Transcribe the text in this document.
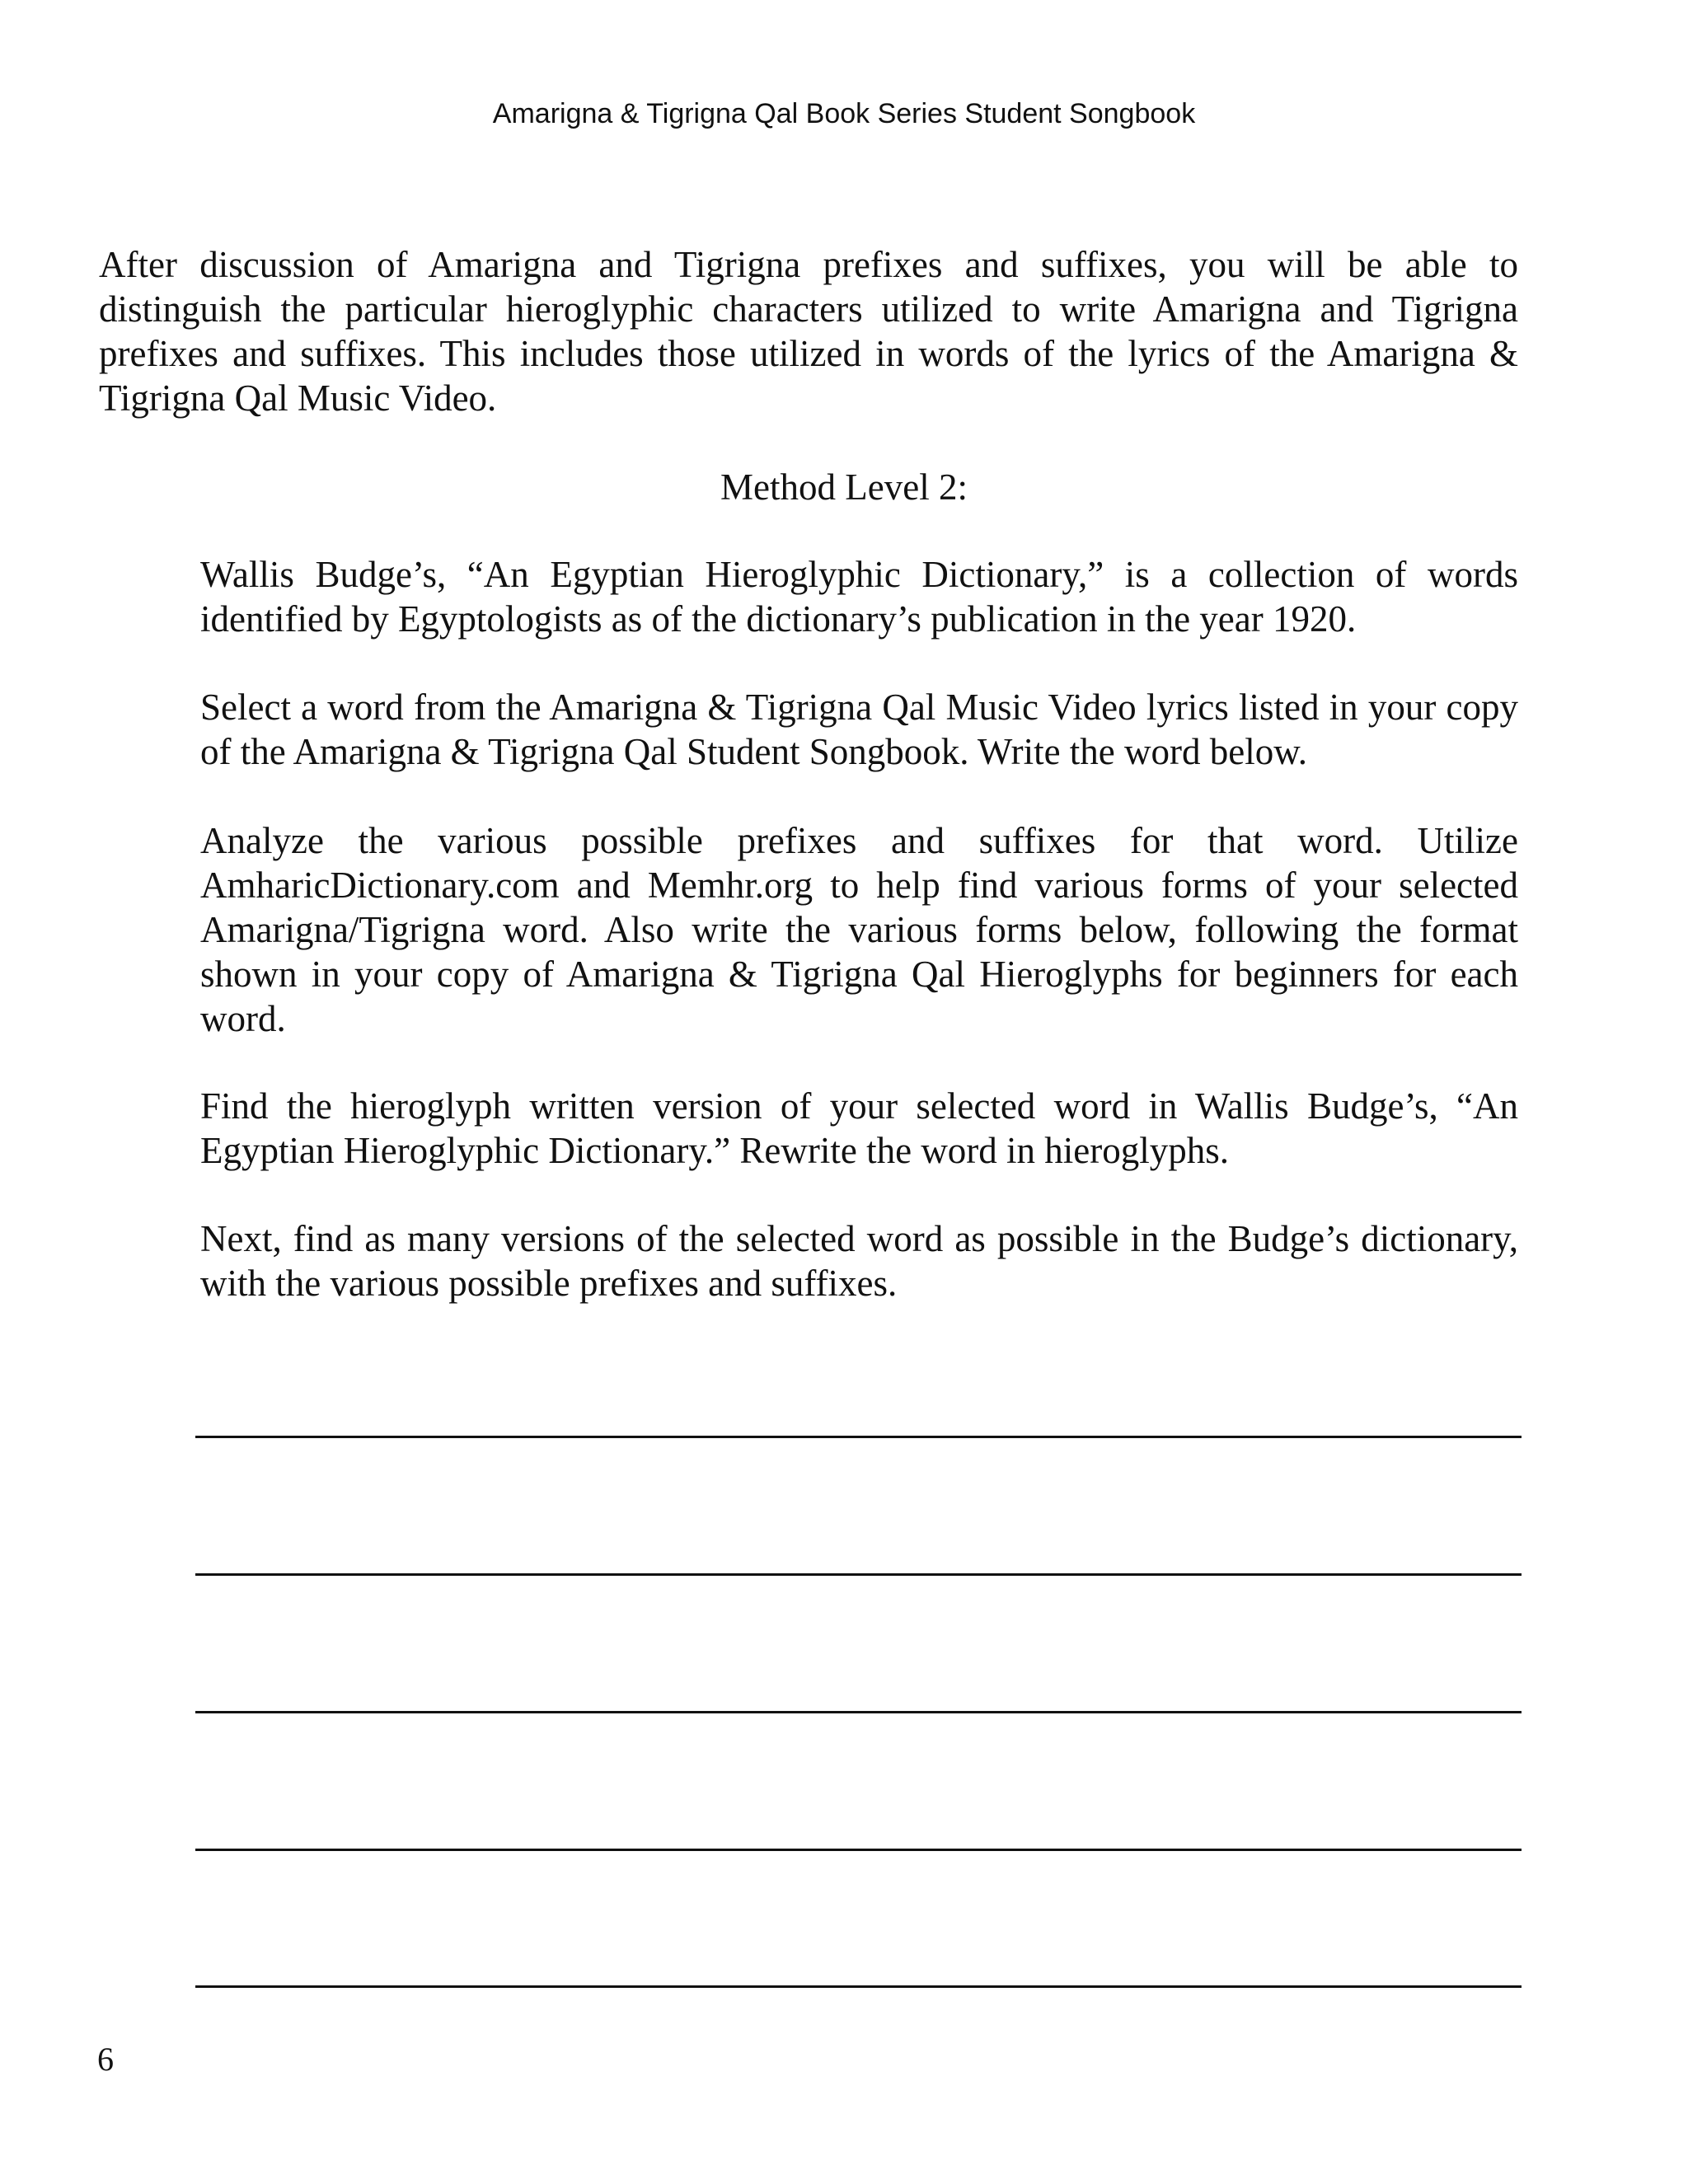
Amarigna & Tigrigna Qal Book Series Student Songbook

After discussion of Amarigna and Tigrigna prefixes and suffixes, you will be able to distinguish the particular hieroglyphic characters utilized to write Amarigna and Tigrigna prefixes and suffixes. This includes those utilized in words of the lyrics of the Amarigna & Tigrigna Qal Music Video.

Method Level 2:

Wallis Budge’s, “An Egyptian Hieroglyphic Dictionary,” is a collection of words identified by Egyptologists as of the dictionary’s publication in the year 1920.

Select a word from the Amarigna & Tigrigna Qal Music Video lyrics listed in your copy of the Amarigna & Tigrigna Qal Student Songbook. Write the word below.

Analyze the various possible prefixes and suffixes for that word. Utilize AmharicDictionary.com and Memhr.org to help find various forms of your selected Amarigna/Tigrigna word. Also write the various forms below, following the format shown in your copy of Amarigna & Tigrigna Qal Hieroglyphs for beginners for each word.

Find the hieroglyph written version of your selected word in Wallis Budge’s, “An Egyptian Hieroglyphic Dictionary.” Rewrite the word in hieroglyphs.

Next, find as many versions of the selected word as possible in the Budge’s dictionary, with the various possible prefixes and suffixes.

6
